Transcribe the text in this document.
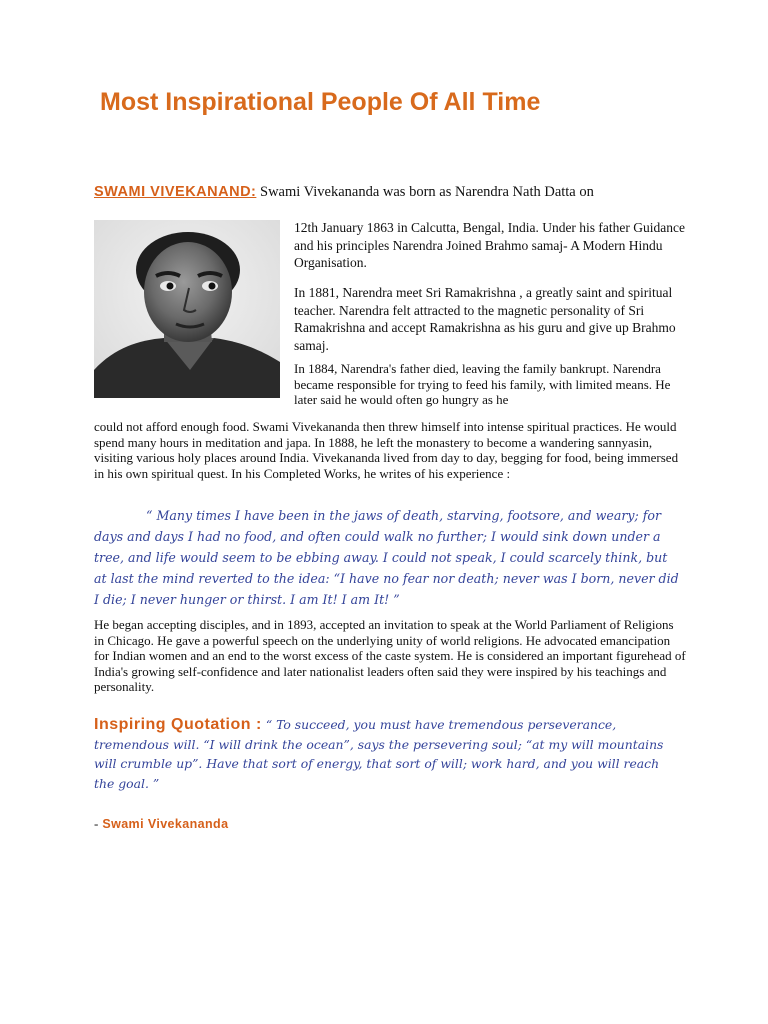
Most Inspirational People Of All Time
SWAMI VIVEKANAND: Swami Vivekananda was born as Narendra Nath Datta on
12th January 1863 in Calcutta, Bengal, India. Under his father Guidance and his principles Narendra Joined Brahmo samaj- A Modern Hindu Organisation.
In 1881, Narendra meet Sri Ramakrishna , a greatly saint and spiritual teacher. Narendra felt attracted to the magnetic personality of Sri Ramakrishna and accept Ramakrishna as his guru and give up Brahmo samaj.
In 1884, Narendra's father died, leaving the family bankrupt. Narendra became responsible for trying to feed his family, with limited means. He later said he would often go hungry as he
could not afford enough food. Swami Vivekananda then threw himself into intense spiritual practices. He would spend many hours in meditation and japa. In 1888, he left the monastery to become a wandering sannyasin, visiting various holy places around India. Vivekananda lived from day to day, begging for food, being immersed in his own spiritual quest. In his Completed Works, he writes of his experience :
“ Many times I have been in the jaws of death, starving, footsore, and weary; for days and days I had no food, and often could walk no further; I would sink down under a tree, and life would seem to be ebbing away. I could not speak, I could scarcely think, but at last the mind reverted to the idea: “I have no fear nor death; never was I born, never did I die; I never hunger or thirst. I am It! I am It! ”
He began accepting disciples, and in 1893, accepted an invitation to speak at the World Parliament of Religions in Chicago. He gave a powerful speech on the underlying unity of world religions. He advocated emancipation for Indian women and an end to the worst excess of the caste system. He is considered an important figurehead of India's growing self-confidence and later nationalist leaders often said they were inspired by his teachings and personality.
Inspiring Quotation : “ To succeed, you must have tremendous perseverance, tremendous will. “I will drink the ocean”, says the persevering soul; “at my will mountains will crumble up”. Have that sort of energy, that sort of will; work hard, and you will reach the goal. ”
- Swami Vivekananda
